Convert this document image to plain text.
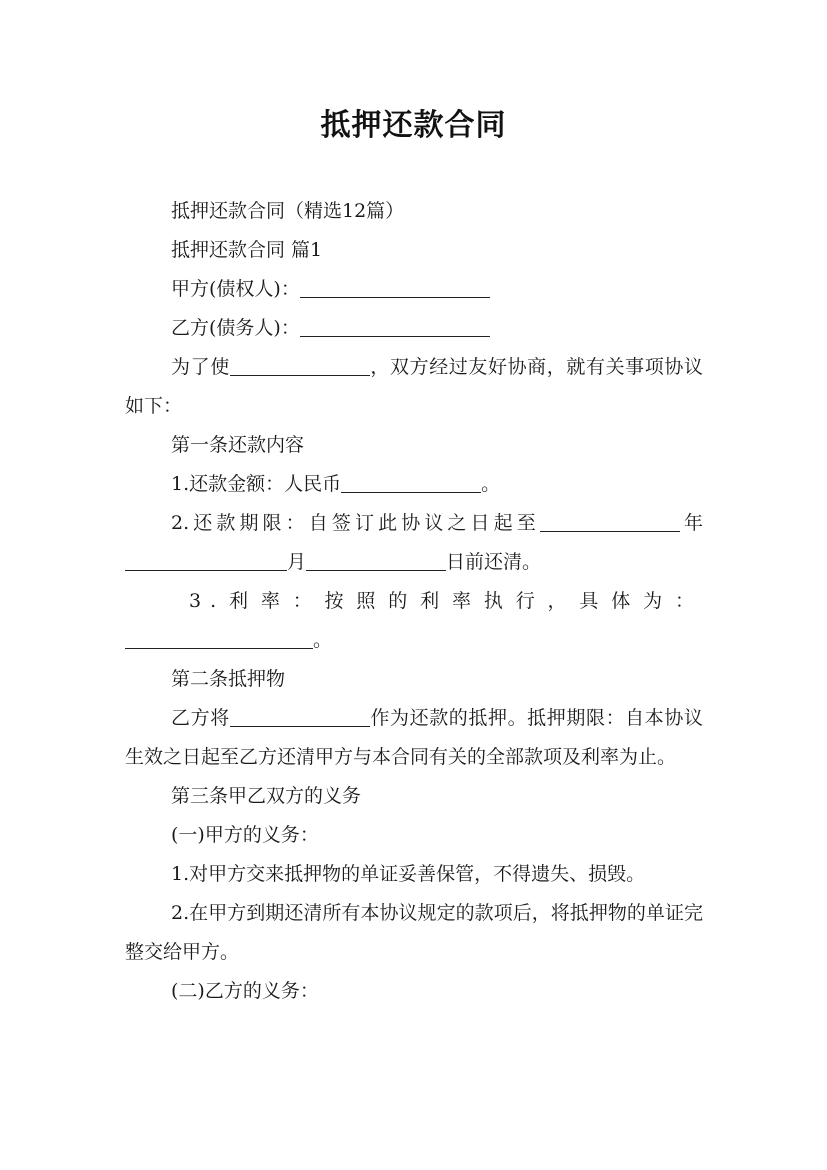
抵押还款合同

抵押还款合同（精选12篇）

抵押还款合同 篇1

甲方(债权人)：

乙方(债务人)：

为了使	，双方经过友好协商，就有关事项协议如下：

第一条还款内容

1.还款金额：人民币	。

2.还款期限：自签订此协议之日起至	年月	日前还清。

3.利率：按照的利率执行，具体为：。

第二条抵押物

乙方将	作为还款的抵押。抵押期限：自本协议生效之日起至乙方还清甲方与本合同有关的全部款项及利率为止。

第三条甲乙双方的义务

(一)甲方的义务：

1.对甲方交来抵押物的单证妥善保管，不得遗失、损毁。

2.在甲方到期还清所有本协议规定的款项后，将抵押物的单证完整交给甲方。

(二)乙方的义务：
